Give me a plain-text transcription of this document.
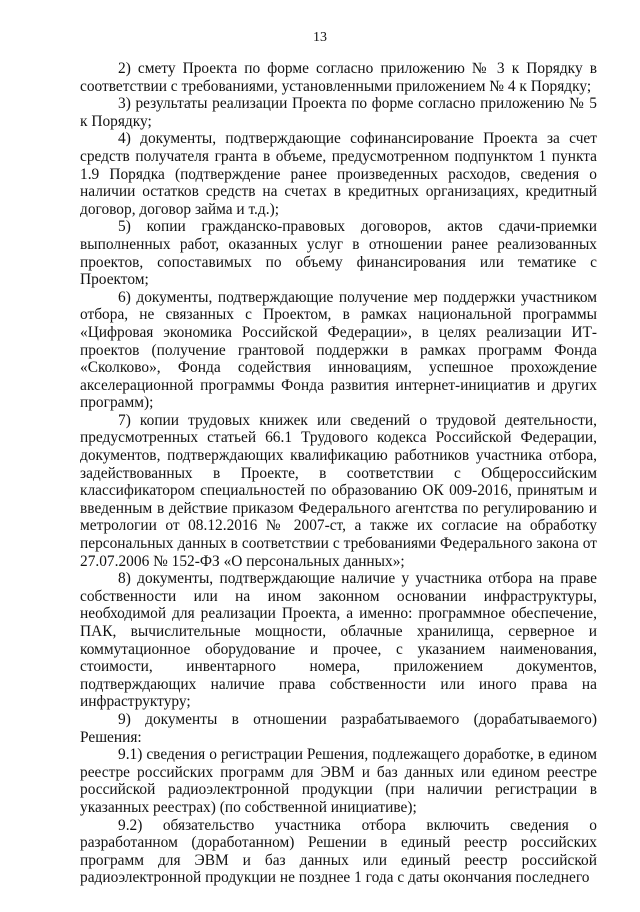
13

2) смету Проекта по форме согласно приложению № 3 к Порядку в соответствии с требованиями, установленными приложением № 4 к Порядку;

3) результаты реализации Проекта по форме согласно приложению № 5 к Порядку;

4) документы, подтверждающие софинансирование Проекта за счет средств получателя гранта в объеме, предусмотренном подпунктом 1 пункта 1.9 Порядка (подтверждение ранее произведенных расходов, сведения о наличии остатков средств на счетах в кредитных организациях, кредитный договор, договор займа и т.д.);

5) копии гражданско-правовых договоров, актов сдачи-приемки выполненных работ, оказанных услуг в отношении ранее реализованных проектов, сопоставимых по объему финансирования или тематике с Проектом;

6) документы, подтверждающие получение мер поддержки участником отбора, не связанных с Проектом, в рамках национальной программы «Цифровая экономика Российской Федерации», в целях реализации ИТ-проектов (получение грантовой поддержки в рамках программ Фонда «Сколково», Фонда содействия инновациям, успешное прохождение акселерационной программы Фонда развития интернет-инициатив и других программ);

7) копии трудовых книжек или сведений о трудовой деятельности, предусмотренных статьей 66.1 Трудового кодекса Российской Федерации, документов, подтверждающих квалификацию работников участника отбора, задействованных в Проекте, в соответствии с Общероссийским классификатором специальностей по образованию ОК 009-2016, принятым и введенным в действие приказом Федерального агентства по регулированию и метрологии от 08.12.2016 № 2007-ст, а также их согласие на обработку персональных данных в соответствии с требованиями Федерального закона от 27.07.2006 № 152-ФЗ «О персональных данных»;

8) документы, подтверждающие наличие у участника отбора на праве собственности или на ином законном основании инфраструктуры, необходимой для реализации Проекта, а именно: программное обеспечение, ПАК, вычислительные мощности, облачные хранилища, серверное и коммутационное оборудование и прочее, с указанием наименования, стоимости, инвентарного номера, приложением документов, подтверждающих наличие права собственности или иного права на инфраструктуру;

9) документы в отношении разрабатываемого (дорабатываемого) Решения:

9.1) сведения о регистрации Решения, подлежащего доработке, в едином реестре российских программ для ЭВМ и баз данных или едином реестре российской радиоэлектронной продукции (при наличии регистрации в указанных реестрах) (по собственной инициативе);

9.2) обязательство участника отбора включить сведения о разработанном (доработанном) Решении в единый реестр российских программ для ЭВМ и баз данных или единый реестр российской радиоэлектронной продукции не позднее 1 года с даты окончания последнего
